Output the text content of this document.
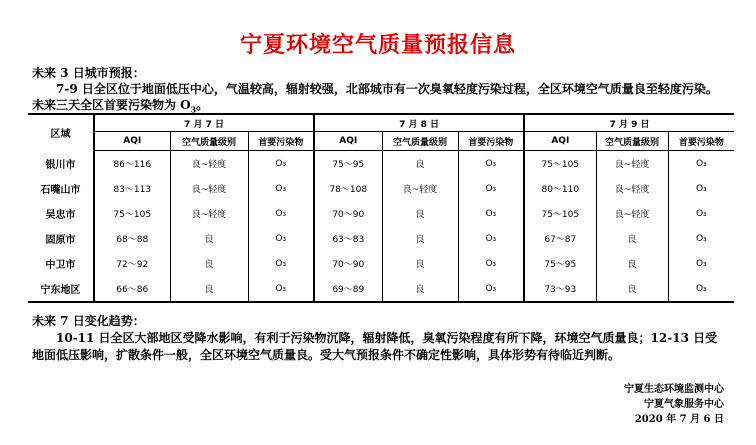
宁夏环境空气质量预报信息
未来 3 日城市预报：
7-9 日全区位于地面低压中心，气温较高，辐射较强，北部城市有一次臭氧轻度污染过程，全区环境空气质量良至轻度污染。未来三天全区首要污染物为 $O_3$。
区域	7 月 7 日			7 月 8 日			7 月 9 日		
	AQI	空气质量级别	首要污染物	AQI	空气质量级别	首要污染物	AQI	空气质量级别	首要污染物
银川市	86～116	良~轻度	O₃	75～95	良	O₃	75～105	良~轻度	O₃
石嘴山市	83～113	良~轻度	O₃	78～108	良~轻度	O₃	80～110	良~轻度	O₃
吴忠市	75～105	良~轻度	O₃	70～90	良	O₃	75～105	良~轻度	O₃
固原市	68～88	良	O₃	63～83	良	O₃	67～87	良	O₃
中卫市	72～92	良	O₃	70～90	良	O₃	75～95	良	O₃
宁东地区	66～86	良	O₃	69～89	良	O₃	73～93	良	O₃
未来 7 日变化趋势：
10-11 日全区大部地区受降水影响，有利于污染物沉降，辐射降低，臭氧污染程度有所下降，环境空气质量良；12-13 日受地面低压影响，扩散条件一般，全区环境空气质量良。受大气预报条件不确定性影响，具体形势有待临近判断。
宁夏生态环境监测中心
宁夏气象服务中心
2020 年 7 月 6 日
